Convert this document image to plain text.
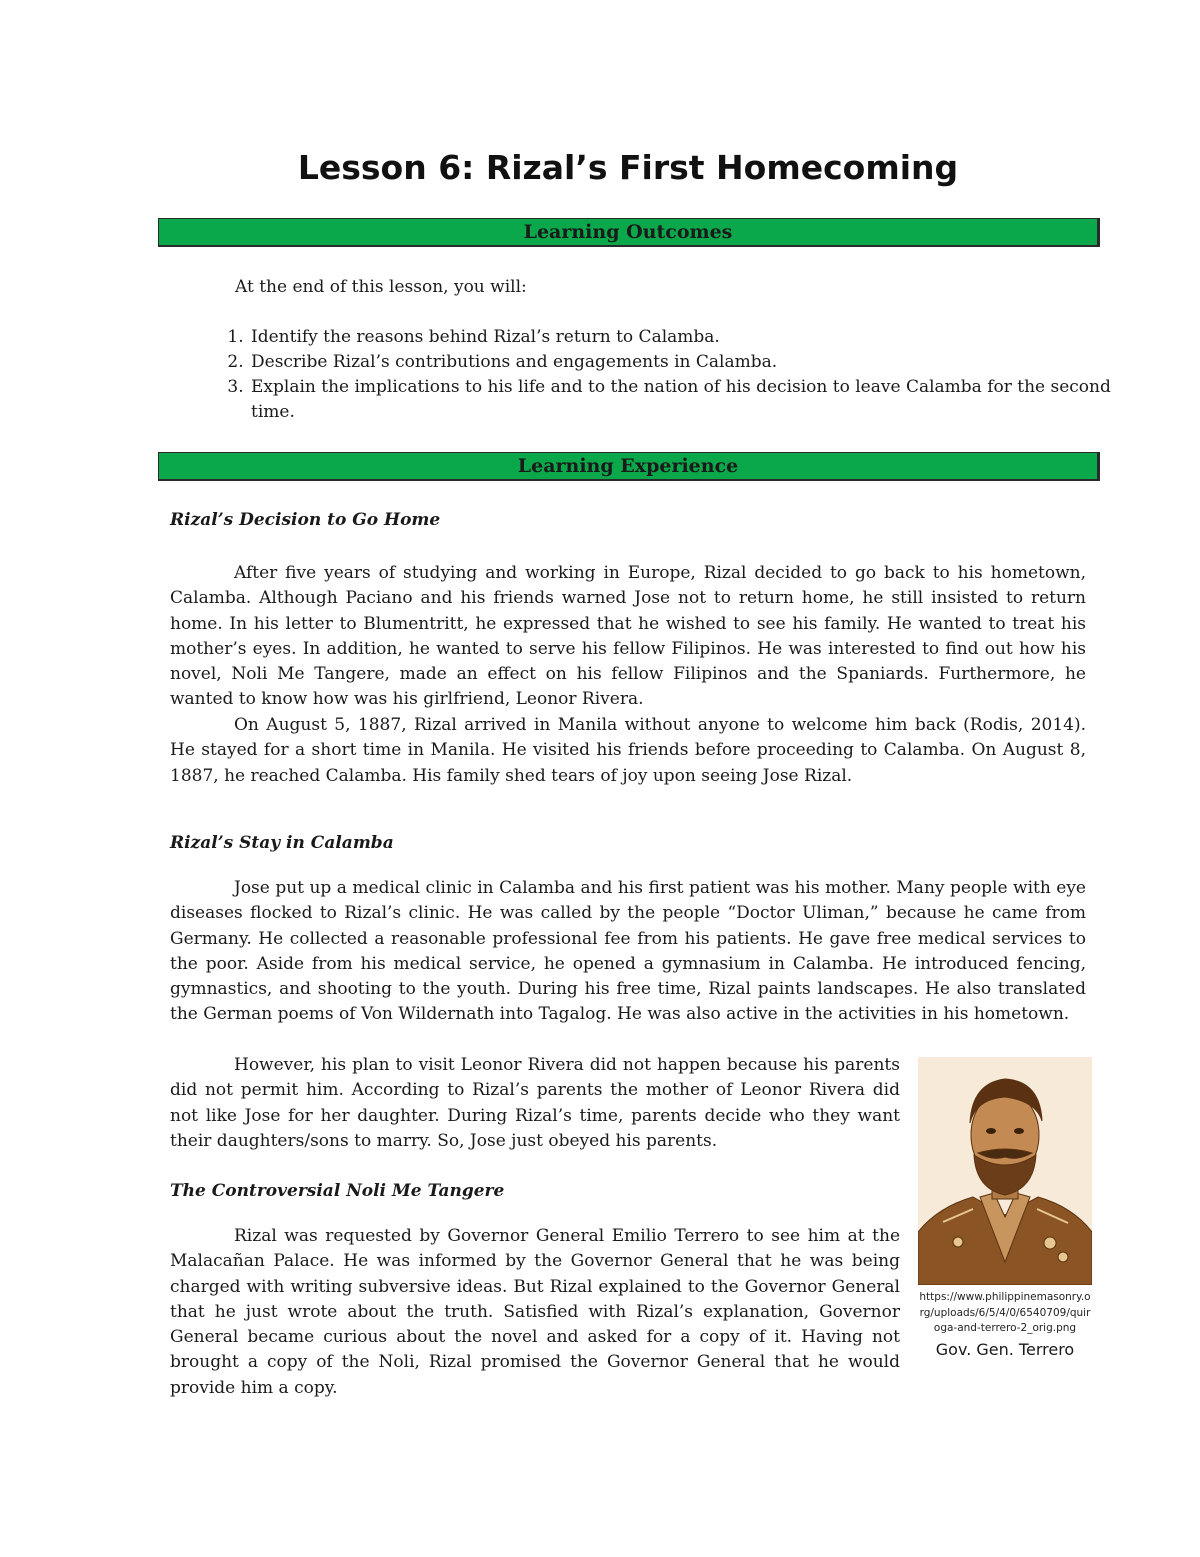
Lesson 6: Rizal’s First Homecoming
Learning Outcomes
At the end of this lesson, you will:
1. Identify the reasons behind Rizal’s return to Calamba.
2. Describe Rizal’s contributions and engagements in Calamba.
3. Explain the implications to his life and to the nation of his decision to leave Calamba for the second time.
Learning Experience
Rizal’s Decision to Go Home

After five years of studying and working in Europe, Rizal decided to go back to his hometown, Calamba. Although Paciano and his friends warned Jose not to return home, he still insisted to return home. In his letter to Blumentritt, he expressed that he wished to see his family. He wanted to treat his mother’s eyes. In addition, he wanted to serve his fellow Filipinos. He was interested to find out how his novel, Noli Me Tangere, made an effect on his fellow Filipinos and the Spaniards. Furthermore, he wanted to know how was his girlfriend, Leonor Rivera.

On August 5, 1887, Rizal arrived in Manila without anyone to welcome him back (Rodis, 2014). He stayed for a short time in Manila. He visited his friends before proceeding to Calamba. On August 8, 1887, he reached Calamba. His family shed tears of joy upon seeing Jose Rizal.

Rizal’s Stay in Calamba

Jose put up a medical clinic in Calamba and his first patient was his mother. Many people with eye diseases flocked to Rizal’s clinic. He was called by the people “Doctor Uliman,” because he came from Germany. He collected a reasonable professional fee from his patients. He gave free medical services to the poor. Aside from his medical service, he opened a gymnasium in Calamba. He introduced fencing, gymnastics, and shooting to the youth. During his free time, Rizal paints landscapes. He also translated the German poems of Von Wildernath into Tagalog. He was also active in the activities in his hometown.

However, his plan to visit Leonor Rivera did not happen because his parents did not permit him. According to Rizal’s parents the mother of Leonor Rivera did not like Jose for her daughter. During Rizal’s time, parents decide who they want their daughters/sons to marry. So, Jose just obeyed his parents.

The Controversial Noli Me Tangere

Rizal was requested by Governor General Emilio Terrero to see him at the Malacañan Palace. He was informed by the Governor General that he was being charged with writing subversive ideas. But Rizal explained to the Governor General that he just wrote about the truth. Satisfied with Rizal’s explanation, Governor General became curious about the novel and asked for a copy of it. Having not brought a copy of the Noli, Rizal promised the Governor General that he would provide him a copy.

https://www.philippinemasonry.org/uploads/6/5/4/0/6540709/quiroga-and-terrero-2_orig.png
Gov. Gen. Terrero
